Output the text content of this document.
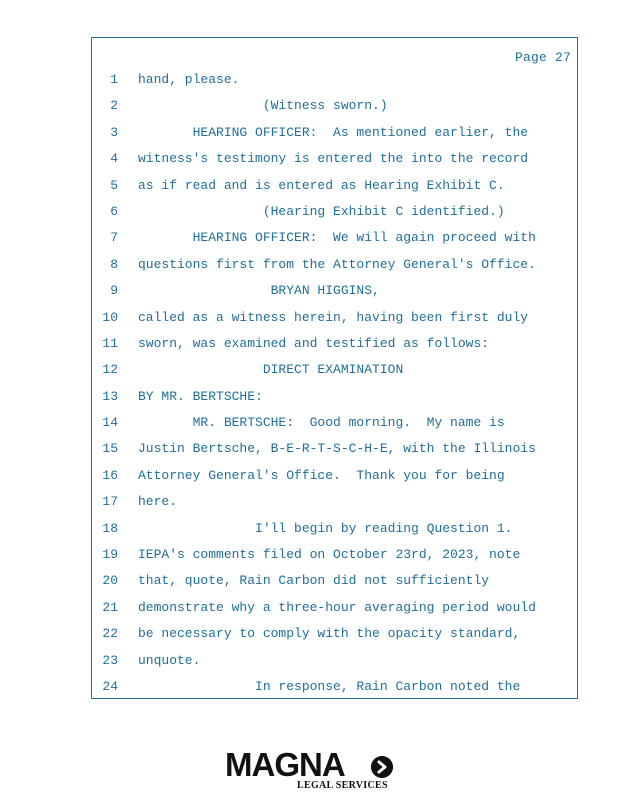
Page 27
1 hand, please.
2 (Witness sworn.)
3 HEARING OFFICER:  As mentioned earlier, the
4 witness's testimony is entered the into the record
5 as if read and is entered as Hearing Exhibit C.
6 (Hearing Exhibit C identified.)
7 HEARING OFFICER:  We will again proceed with
8 questions first from the Attorney General's Office.
9 BRYAN HIGGINS,
10 called as a witness herein, having been first duly
11 sworn, was examined and testified as follows:
12 DIRECT EXAMINATION
13 BY MR. BERTSCHE:
14 MR. BERTSCHE:  Good morning.  My name is
15 Justin Bertsche, B-E-R-T-S-C-H-E, with the Illinois
16 Attorney General's Office.  Thank you for being
17 here.
18 I'll begin by reading Question 1.
19 IEPA's comments filed on October 23rd, 2023, note
20 that, quote, Rain Carbon did not sufficiently
21 demonstrate why a three-hour averaging period would
22 be necessary to comply with the opacity standard,
23 unquote.
24 In response, Rain Carbon noted the
MAGNA
LEGAL SERVICES
